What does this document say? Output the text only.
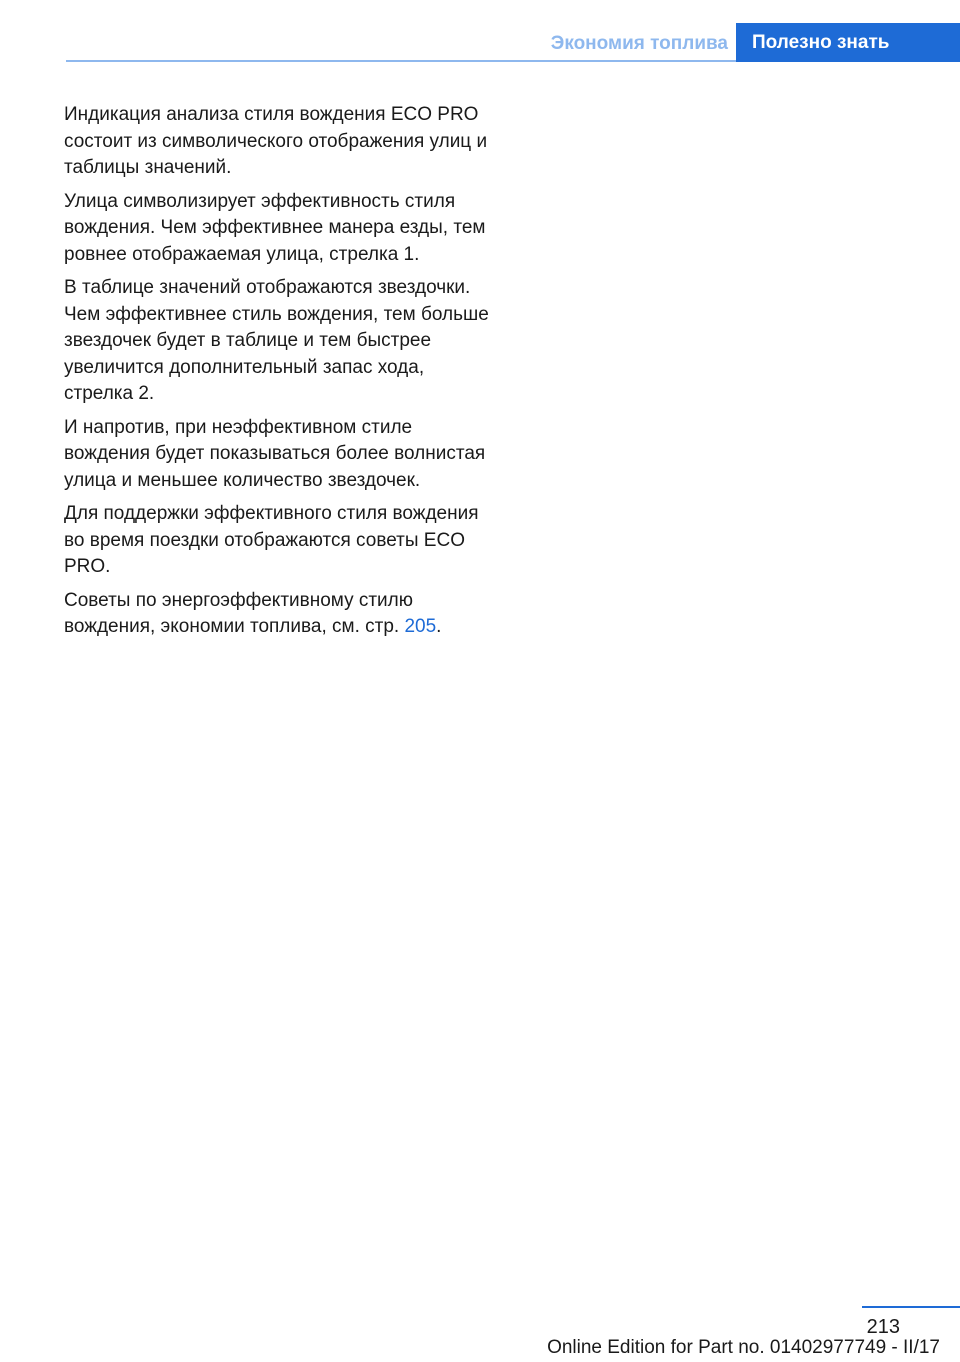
Экономия топлива	Полезно знать

Индикация анализа стиля вождения ECO PRO состоит из символического отображения улиц и таблицы значений.

Улица символизирует эффективность стиля вождения. Чем эффективнее манера езды, тем ровнее отображаемая улица, стрелка 1.

В таблице значений отображаются звездочки. Чем эффективнее стиль вождения, тем больше звездочек будет в таблице и тем быстрее увеличится дополнительный запас хода, стрелка 2.

И напротив, при неэффективном стиле вождения будет показываться более волнистая улица и меньшее количество звездочек.

Для поддержки эффективного стиля вождения во время поездки отображаются советы ECO PRO.

Советы по энергоэффективному стилю вождения, экономии топлива, см. стр. 205.

213
Online Edition for Part no. 01402977749 - II/17
